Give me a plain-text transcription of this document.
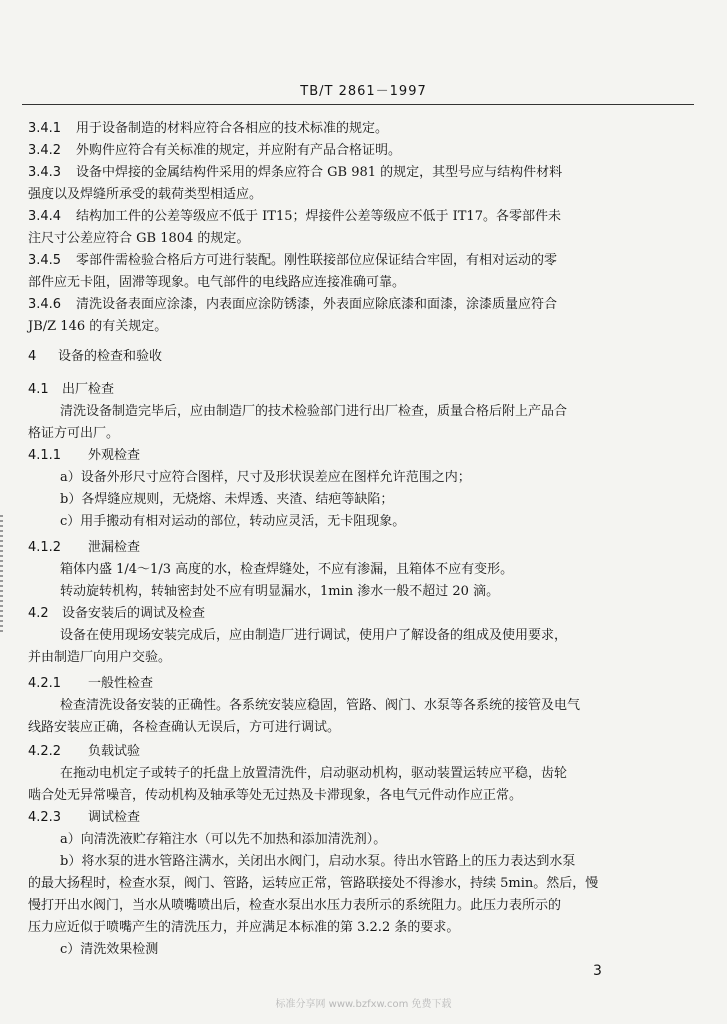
TB/T 2861－1997
3.4.1 用于设备制造的材料应符合各相应的技术标准的规定。
3.4.2 外购件应符合有关标准的规定，并应附有产品合格证明。
3.4.3 设备中焊接的金属结构件采用的焊条应符合 GB 981 的规定，其型号应与结构件材料
强度以及焊缝所承受的载荷类型相适应。
3.4.4 结构加工件的公差等级应不低于 IT15；焊接件公差等级应不低于 IT17。各零部件未
注尺寸公差应符合 GB 1804 的规定。
3.4.5 零部件需检验合格后方可进行装配。刚性联接部位应保证结合牢固，有相对运动的零
部件应无卡阻，固滞等现象。电气部件的电线路应连接准确可靠。
3.4.6 清洗设备表面应涂漆，内表面应涂防锈漆，外表面应除底漆和面漆，涂漆质量应符合
JB/Z 146 的有关规定。
4 设备的检查和验收
4.1 出厂检查
清洗设备制造完毕后，应由制造厂的技术检验部门进行出厂检查，质量合格后附上产品合
格证方可出厂。
4.1.1 外观检查
a）设备外形尺寸应符合图样，尺寸及形状误差应在图样允许范围之内；
b）各焊缝应规则，无烧熔、未焊透、夹渣、结疤等缺陷；
c）用手搬动有相对运动的部位，转动应灵活，无卡阻现象。
4.1.2 泄漏检查
箱体内盛 1/4～1/3 高度的水，检查焊缝处，不应有渗漏，且箱体不应有变形。
转动旋转机构，转轴密封处不应有明显漏水，1min 渗水一般不超过 20 滴。
4.2 设备安装后的调试及检查
设备在使用现场安装完成后，应由制造厂进行调试，使用户了解设备的组成及使用要求，
并由制造厂向用户交验。
4.2.1 一般性检查
检查清洗设备安装的正确性。各系统安装应稳固，管路、阀门、水泵等各系统的接管及电气
线路安装应正确，各检查确认无误后，方可进行调试。
4.2.2 负载试验
在拖动电机定子或转子的托盘上放置清洗件，启动驱动机构，驱动装置运转应平稳，齿轮
啮合处无异常噪音，传动机构及轴承等处无过热及卡滞现象，各电气元件动作应正常。
4.2.3 调试检查
a）向清洗液贮存箱注水（可以先不加热和添加清洗剂）。
b）将水泵的进水管路注满水，关闭出水阀门，启动水泵。待出水管路上的压力表达到水泵
的最大扬程时，检查水泵，阀门、管路，运转应正常，管路联接处不得渗水，持续 5min。然后，慢
慢打开出水阀门，当水从喷嘴喷出后，检查水泵出水压力表所示的系统阻力。此压力表所示的
压力应近似于喷嘴产生的清洗压力，并应满足本标准的第 3.2.2 条的要求。
c）清洗效果检测
3
标准分享网 www.bzfxw.com 免费下载
